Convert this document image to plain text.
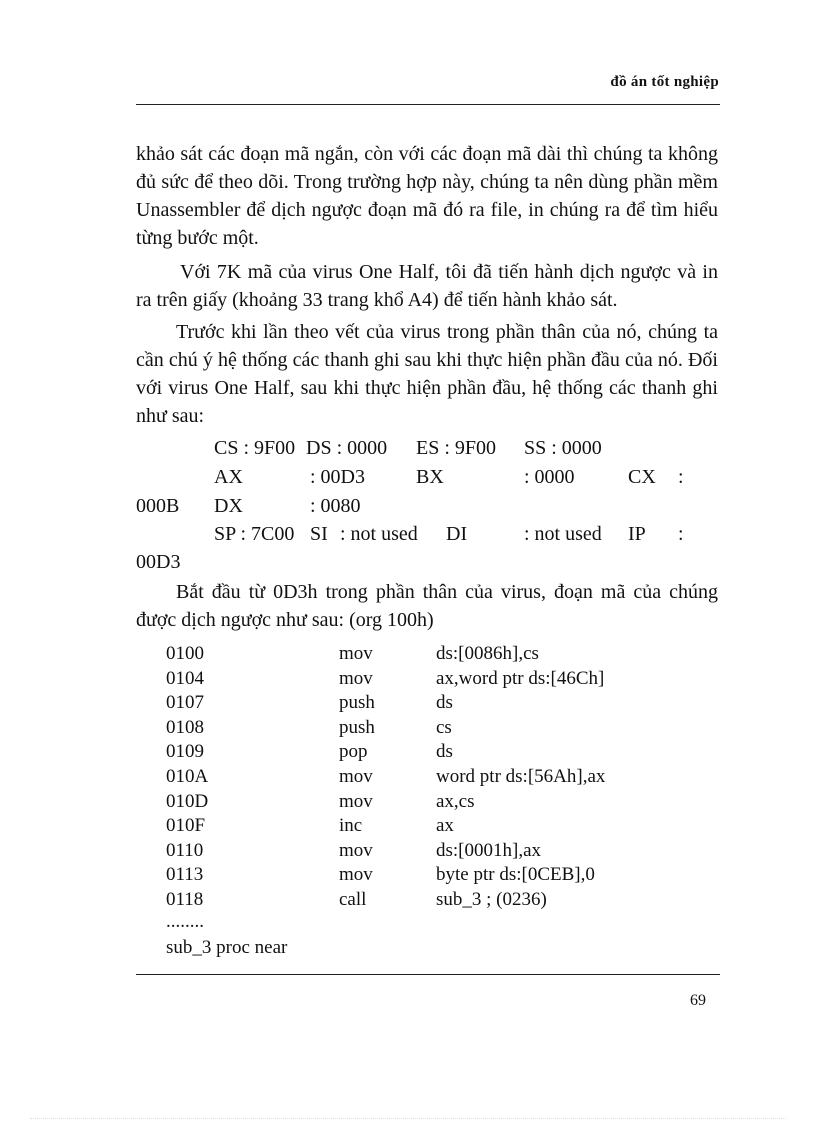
đồ án tốt nghiệp

khảo sát các đoạn mã ngắn, còn với các đoạn mã dài thì chúng ta không đủ sức để theo dõi. Trong trường hợp này, chúng ta nên dùng phần mềm Unassembler để dịch ngược đoạn mã đó ra file, in chúng ra để tìm hiểu từng bước một.

Với 7K mã của virus One Half, tôi đã tiến hành dịch ngược và in ra trên giấy (khoảng 33 trang khổ A4) để tiến hành khảo sát.

Trước khi lần theo vết của virus trong phần thân của nó, chúng ta cần chú ý hệ thống các thanh ghi sau khi thực hiện phần đầu của nó. Đối với virus One Half, sau khi thực hiện phần đầu, hệ thống các thanh ghi như sau:

CS : 9F00 DS : 0000 ES : 9F00 SS : 0000
AX	: 00D3	BX	: 0000	CX :
000B DX	: 0080
SP : 7C00 SI : not used DI	: not used IP :
00D3

Bắt đầu từ 0D3h trong phần thân của virus, đoạn mã của chúng được dịch ngược như sau: (org 100h)

0100	mov	ds:[0086h],cs
0104	mov	ax,word ptr ds:[46Ch]
0107	push	ds
0108	push	cs
0109	pop	ds
010A	mov	word ptr ds:[56Ah],ax
010D	mov	ax,cs
010F	inc	ax
0110	mov	ds:[0001h],ax
0113	mov	byte ptr ds:[0CEB],0
0118	call	sub_3 ; (0236)
........
sub_3 proc near
69
